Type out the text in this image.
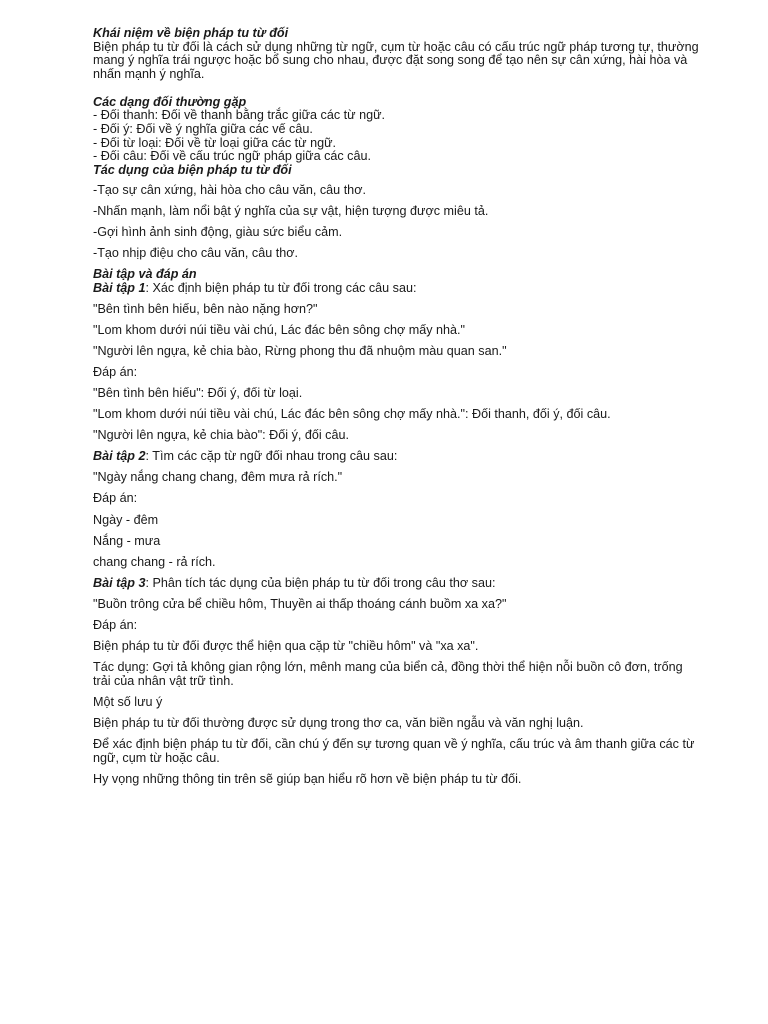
Khái niệm về biện pháp tu từ đối

Biện pháp tu từ đối là cách sử dụng những từ ngữ, cụm từ hoặc câu có cấu trúc ngữ pháp tương tự, thường mang ý nghĩa trái ngược hoặc bổ sung cho nhau, được đặt song song để tạo nên sự cân xứng, hài hòa và nhấn mạnh ý nghĩa.

Các dạng đối thường gặp

- Đối thanh: Đối về thanh bằng trắc giữa các từ ngữ.

- Đối ý: Đối về ý nghĩa giữa các vế câu.

- Đối từ loại: Đối về từ loại giữa các từ ngữ.

- Đối câu: Đối về cấu trúc ngữ pháp giữa các câu.

Tác dụng của biện pháp tu từ đối

-Tạo sự cân xứng, hài hòa cho câu văn, câu thơ.

-Nhấn mạnh, làm nổi bật ý nghĩa của sự vật, hiện tượng được miêu tả.

-Gợi hình ảnh sinh động, giàu sức biểu cảm.

-Tạo nhịp điệu cho câu văn, câu thơ.

Bài tập và đáp án

Bài tập 1: Xác định biện pháp tu từ đối trong các câu sau:

"Bên tình bên hiếu, bên nào nặng hơn?"

"Lom khom dưới núi tiều vài chú, Lác đác bên sông chợ mấy nhà."

"Người lên ngựa, kẻ chia bào, Rừng phong thu đã nhuộm màu quan san."

Đáp án:

"Bên tình bên hiếu": Đối ý, đối từ loại.

"Lom khom dưới núi tiều vài chú, Lác đác bên sông chợ mấy nhà.": Đối thanh, đối ý, đối câu.

"Người lên ngựa, kẻ chia bào": Đối ý, đối câu.

Bài tập 2: Tìm các cặp từ ngữ đối nhau trong câu sau:

"Ngày nắng chang chang, đêm mưa rả rích."

Đáp án:

Ngày - đêm

Nắng - mưa

chang chang - rả rích.

Bài tập 3: Phân tích tác dụng của biện pháp tu từ đối trong câu thơ sau:

"Buồn trông cửa bể chiều hôm, Thuyền ai thấp thoáng cánh buồm xa xa?"

Đáp án:

Biện pháp tu từ đối được thể hiện qua cặp từ "chiều hôm" và "xa xa".

Tác dụng: Gợi tả không gian rộng lớn, mênh mang của biển cả, đồng thời thể hiện nỗi buồn cô đơn, trống trải của nhân vật trữ tình.

Một số lưu ý

Biện pháp tu từ đối thường được sử dụng trong thơ ca, văn biền ngẫu và văn nghị luận.

Để xác định biện pháp tu từ đối, cần chú ý đến sự tương quan về ý nghĩa, cấu trúc và âm thanh giữa các từ ngữ, cụm từ hoặc câu.

Hy vọng những thông tin trên sẽ giúp bạn hiểu rõ hơn về biện pháp tu từ đối.
